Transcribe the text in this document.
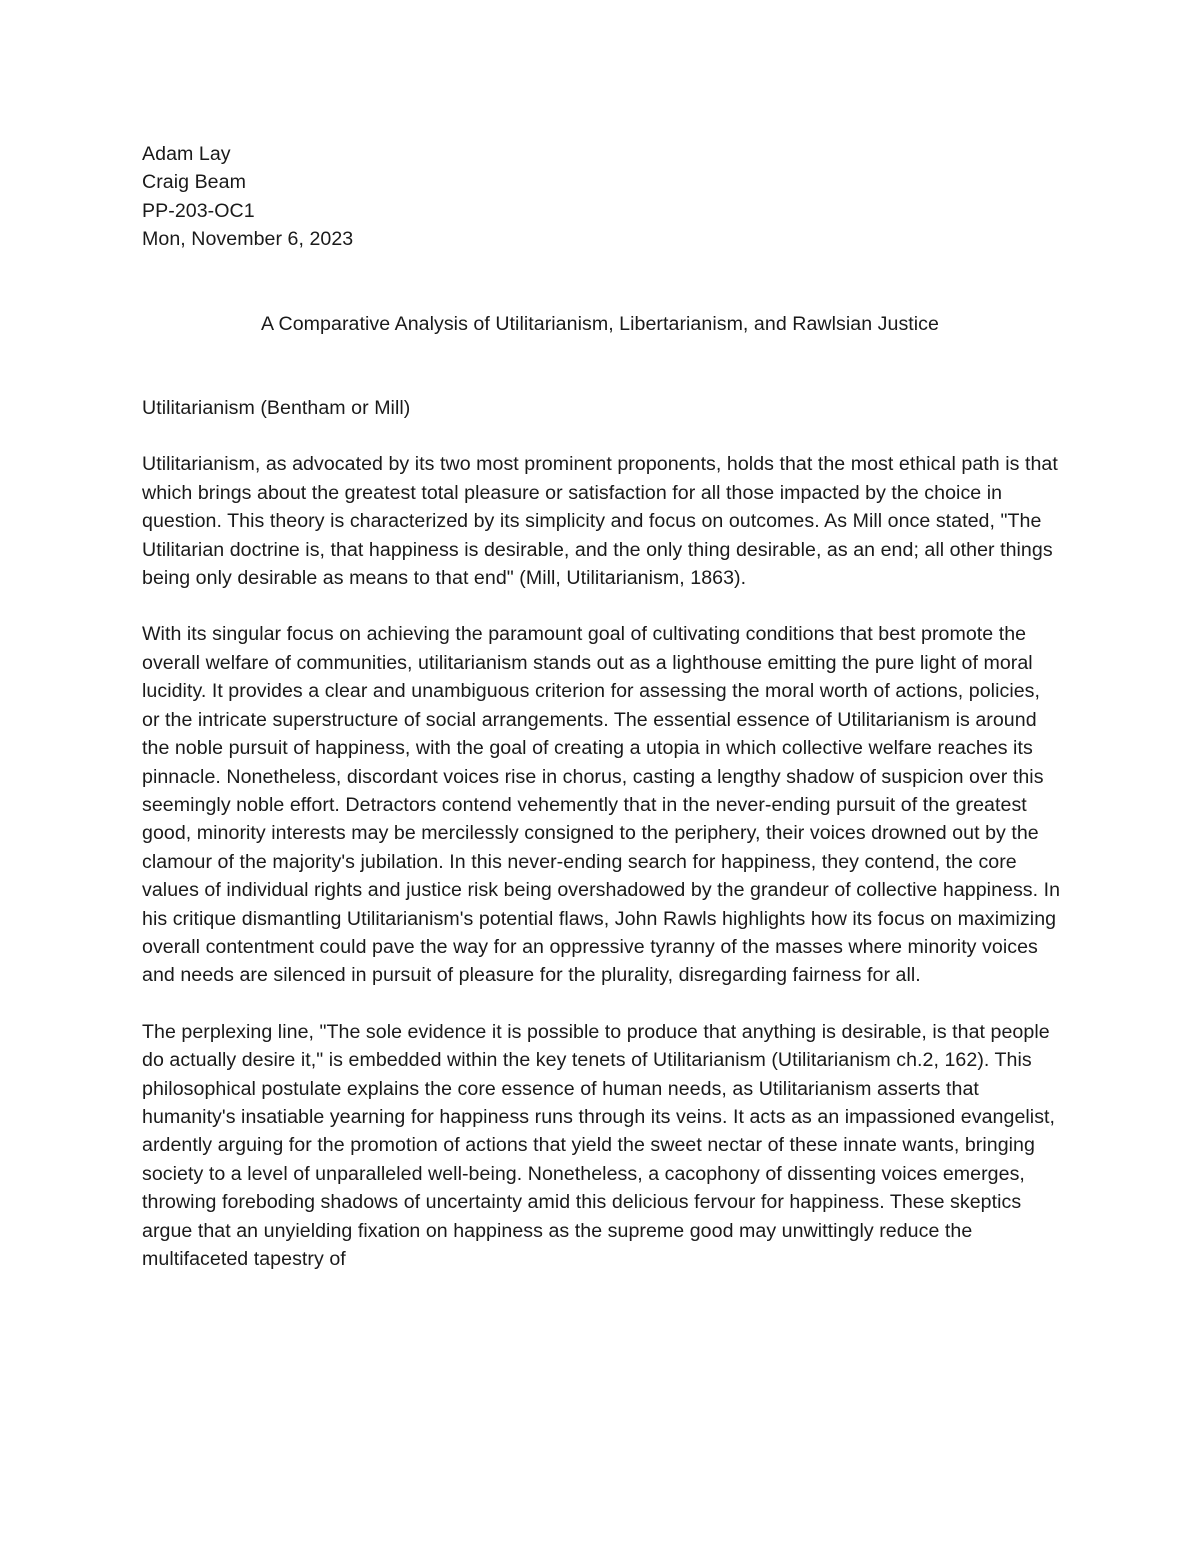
Adam Lay
Craig Beam
PP-203-OC1
Mon, November 6, 2023
A Comparative Analysis of Utilitarianism, Libertarianism, and Rawlsian Justice
Utilitarianism (Bentham or Mill)

Utilitarianism, as advocated by its two most prominent proponents, holds that the most ethical path is that which brings about the greatest total pleasure or satisfaction for all those impacted by the choice in question. This theory is characterized by its simplicity and focus on outcomes. As Mill once stated, "The Utilitarian doctrine is, that happiness is desirable, and the only thing desirable, as an end; all other things being only desirable as means to that end" (Mill, Utilitarianism, 1863).

With its singular focus on achieving the paramount goal of cultivating conditions that best promote the overall welfare of communities, utilitarianism stands out as a lighthouse emitting the pure light of moral lucidity. It provides a clear and unambiguous criterion for assessing the moral worth of actions, policies, or the intricate superstructure of social arrangements. The essential essence of Utilitarianism is around the noble pursuit of happiness, with the goal of creating a utopia in which collective welfare reaches its pinnacle. Nonetheless, discordant voices rise in chorus, casting a lengthy shadow of suspicion over this seemingly noble effort. Detractors contend vehemently that in the never-ending pursuit of the greatest good, minority interests may be mercilessly consigned to the periphery, their voices drowned out by the clamour of the majority's jubilation. In this never-ending search for happiness, they contend, the core values of individual rights and justice risk being overshadowed by the grandeur of collective happiness. In his critique dismantling Utilitarianism's potential flaws, John Rawls highlights how its focus on maximizing overall contentment could pave the way for an oppressive tyranny of the masses where minority voices and needs are silenced in pursuit of pleasure for the plurality, disregarding fairness for all.

The perplexing line, "The sole evidence it is possible to produce that anything is desirable, is that people do actually desire it," is embedded within the key tenets of Utilitarianism (Utilitarianism ch.2, 162). This philosophical postulate explains the core essence of human needs, as Utilitarianism asserts that humanity's insatiable yearning for happiness runs through its veins. It acts as an impassioned evangelist, ardently arguing for the promotion of actions that yield the sweet nectar of these innate wants, bringing society to a level of unparalleled well-being. Nonetheless, a cacophony of dissenting voices emerges, throwing foreboding shadows of uncertainty amid this delicious fervour for happiness. These skeptics argue that an unyielding fixation on happiness as the supreme good may unwittingly reduce the multifaceted tapestry of
